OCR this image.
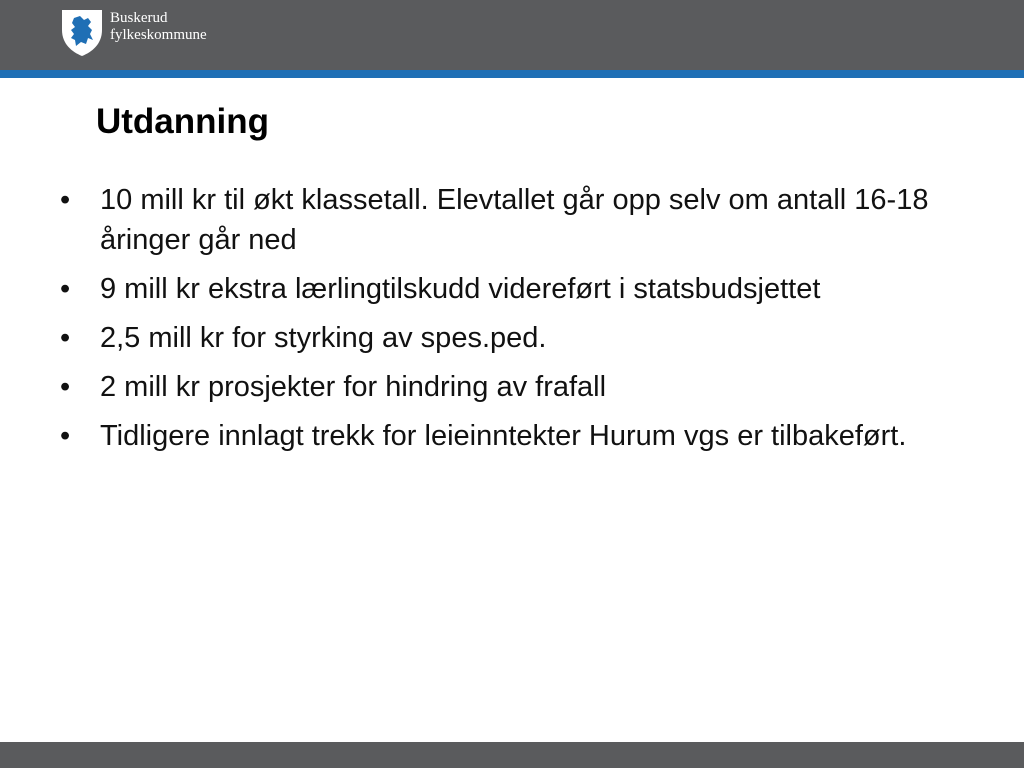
Buskerud
fylkeskommune
Utdanning
• 10 mill kr til økt klassetall. Elevtallet går opp selv om antall 16-18 åringer går ned
• 9 mill kr ekstra lærlingtilskudd videreført i statsbudsjettet
• 2,5 mill kr for styrking av spes.ped.
• 2 mill kr prosjekter for hindring av frafall
• Tidligere innlagt trekk for leieinntekter Hurum vgs er tilbakeført.
